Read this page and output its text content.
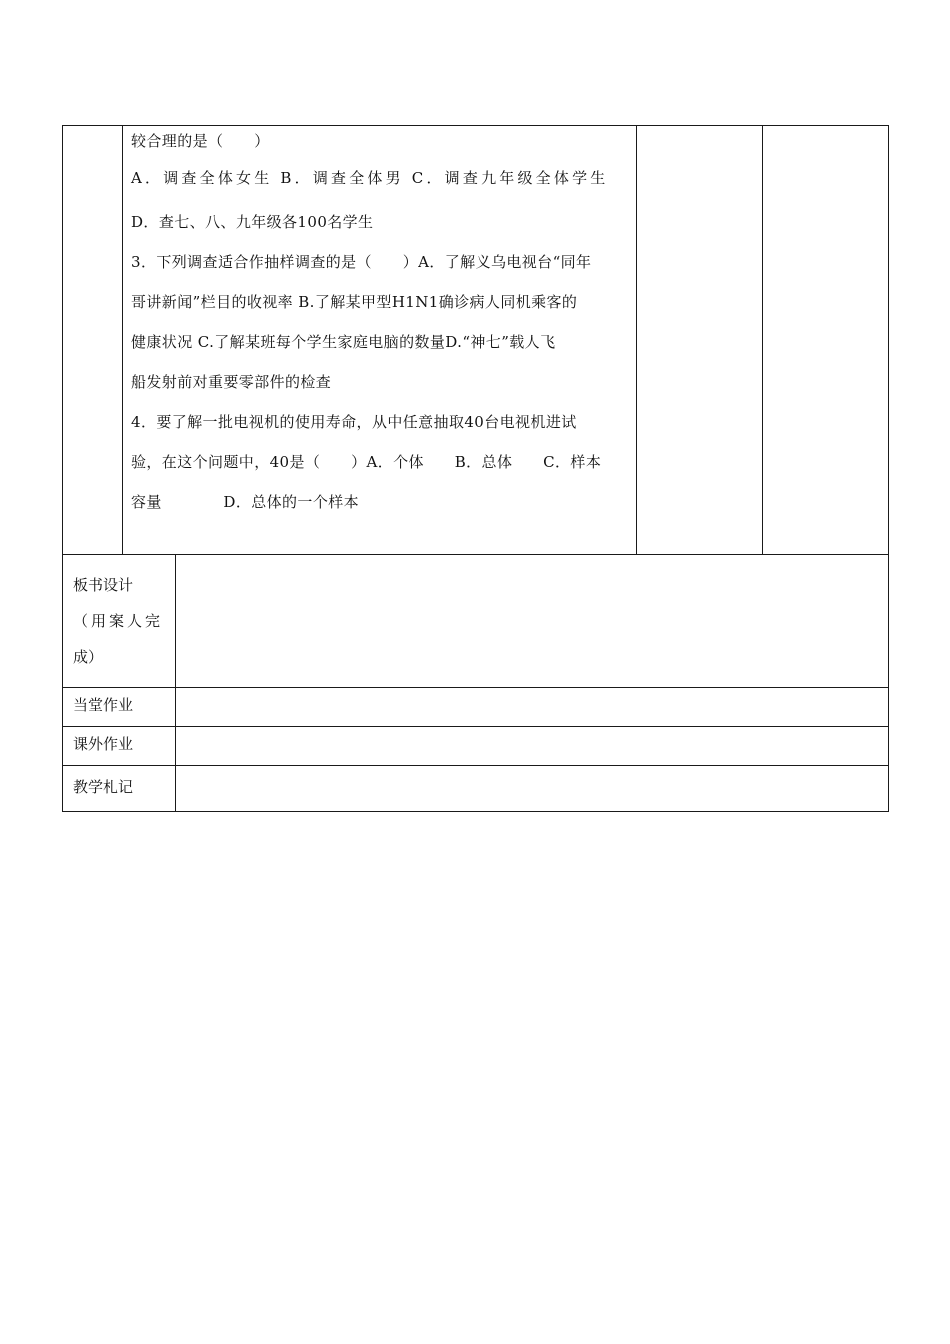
较合理的是（　　）

A．调查全体女生 B．调查全体男 C．调查九年级全体学生

D．查七、八、九年级各100名学生

3．下列调查适合作抽样调查的是（　　）A．了解义乌电视台“同年

哥讲新闻”栏目的收视率 B.了解某甲型H1N1确诊病人同机乘客的

健康状况 C.了解某班每个学生家庭电脑的数量D.“神七”载人飞

船发射前对重要零部件的检查

4．要了解一批电视机的使用寿命，从中任意抽取40台电视机进试

验，在这个问题中，40是（　　）A．个体　　B．总体　　C．样本

容量　　　　D．总体的一个样本

板书设计
（用案人完
成）	

当堂作业	
课外作业	
教学札记	
